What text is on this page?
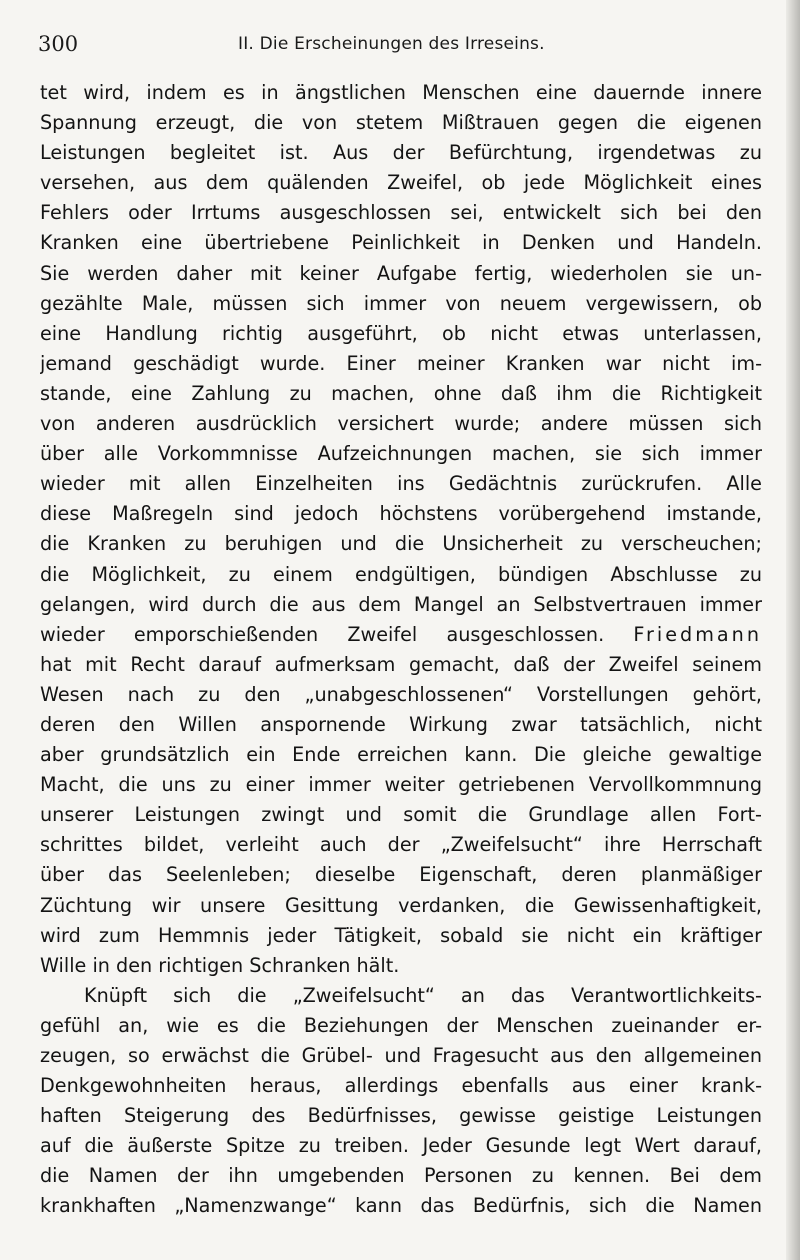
300	II. Die Erscheinungen des Irreseins.
tet wird, indem es in ängstlichen Menschen eine dauernde innere
Spannung erzeugt, die von stetem Mißtrauen gegen die eigenen
Leistungen begleitet ist. Aus der Befürchtung, irgendetwas zu
versehen, aus dem quälenden Zweifel, ob jede Möglichkeit eines
Fehlers oder Irrtums ausgeschlossen sei, entwickelt sich bei den
Kranken eine übertriebene Peinlichkeit in Denken und Handeln.
Sie werden daher mit keiner Aufgabe fertig, wiederholen sie un-
gezählte Male, müssen sich immer von neuem vergewissern, ob
eine Handlung richtig ausgeführt, ob nicht etwas unterlassen,
jemand geschädigt wurde. Einer meiner Kranken war nicht im-
stande, eine Zahlung zu machen, ohne daß ihm die Richtigkeit
von anderen ausdrücklich versichert wurde; andere müssen sich
über alle Vorkommnisse Aufzeichnungen machen, sie sich immer
wieder mit allen Einzelheiten ins Gedächtnis zurückrufen. Alle
diese Maßregeln sind jedoch höchstens vorübergehend imstande,
die Kranken zu beruhigen und die Unsicherheit zu verscheuchen;
die Möglichkeit, zu einem endgültigen, bündigen Abschlusse zu
gelangen, wird durch die aus dem Mangel an Selbstvertrauen immer
wieder emporschießenden Zweifel ausgeschlossen. Friedmann
hat mit Recht darauf aufmerksam gemacht, daß der Zweifel seinem
Wesen nach zu den „unabgeschlossenen“ Vorstellungen gehört,
deren den Willen anspornende Wirkung zwar tatsächlich, nicht
aber grundsätzlich ein Ende erreichen kann. Die gleiche gewaltige
Macht, die uns zu einer immer weiter getriebenen Vervollkommnung
unserer Leistungen zwingt und somit die Grundlage allen Fort-
schrittes bildet, verleiht auch der „Zweifelsucht“ ihre Herrschaft
über das Seelenleben; dieselbe Eigenschaft, deren planmäßiger
Züchtung wir unsere Gesittung verdanken, die Gewissenhaftigkeit,
wird zum Hemmnis jeder Tätigkeit, sobald sie nicht ein kräftiger
Wille in den richtigen Schranken hält.
Knüpft sich die „Zweifelsucht“ an das Verantwortlichkeits-
gefühl an, wie es die Beziehungen der Menschen zueinander er-
zeugen, so erwächst die Grübel- und Fragesucht aus den allgemeinen
Denkgewohnheiten heraus, allerdings ebenfalls aus einer krank-
haften Steigerung des Bedürfnisses, gewisse geistige Leistungen
auf die äußerste Spitze zu treiben. Jeder Gesunde legt Wert darauf,
die Namen der ihn umgebenden Personen zu kennen. Bei dem
krankhaften „Namenzwange“ kann das Bedürfnis, sich die Namen
